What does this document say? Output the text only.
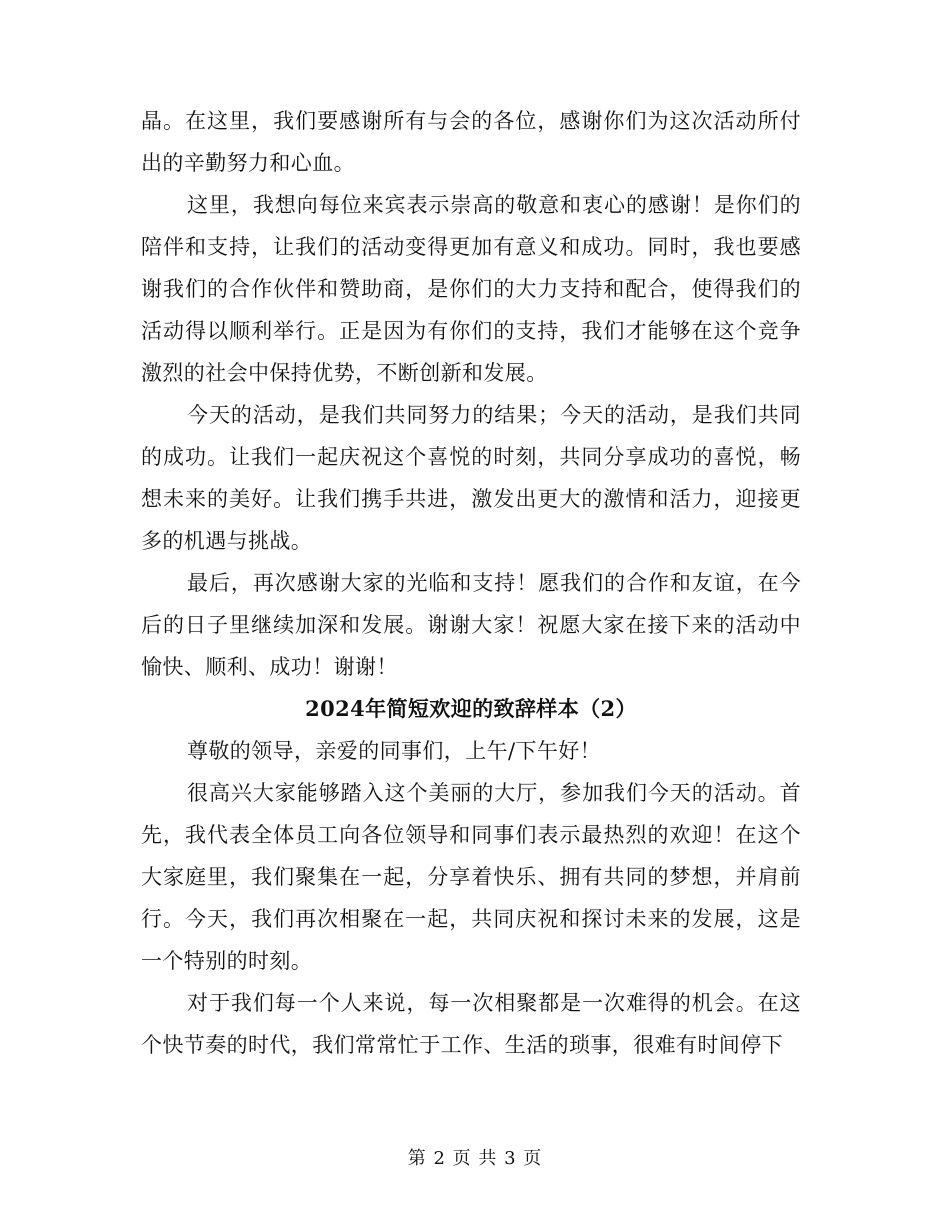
晶。在这里，我们要感谢所有与会的各位，感谢你们为这次活动所付出的辛勤努力和心血。

这里，我想向每位来宾表示崇高的敬意和衷心的感谢！是你们的陪伴和支持，让我们的活动变得更加有意义和成功。同时，我也要感谢我们的合作伙伴和赞助商，是你们的大力支持和配合，使得我们的活动得以顺利举行。正是因为有你们的支持，我们才能够在这个竞争激烈的社会中保持优势，不断创新和发展。

今天的活动，是我们共同努力的结果；今天的活动，是我们共同的成功。让我们一起庆祝这个喜悦的时刻，共同分享成功的喜悦，畅想未来的美好。让我们携手共进，激发出更大的激情和活力，迎接更多的机遇与挑战。

最后，再次感谢大家的光临和支持！愿我们的合作和友谊，在今后的日子里继续加深和发展。谢谢大家！祝愿大家在接下来的活动中愉快、顺利、成功！谢谢！

2024年简短欢迎的致辞样本（2）

尊敬的领导，亲爱的同事们，上午/下午好！

很高兴大家能够踏入这个美丽的大厅，参加我们今天的活动。首先，我代表全体员工向各位领导和同事们表示最热烈的欢迎！在这个大家庭里，我们聚集在一起，分享着快乐、拥有共同的梦想，并肩前行。今天，我们再次相聚在一起，共同庆祝和探讨未来的发展，这是一个特别的时刻。

对于我们每一个人来说，每一次相聚都是一次难得的机会。在这个快节奏的时代，我们常常忙于工作、生活的琐事，很难有时间停下

第 2 页 共 3 页
